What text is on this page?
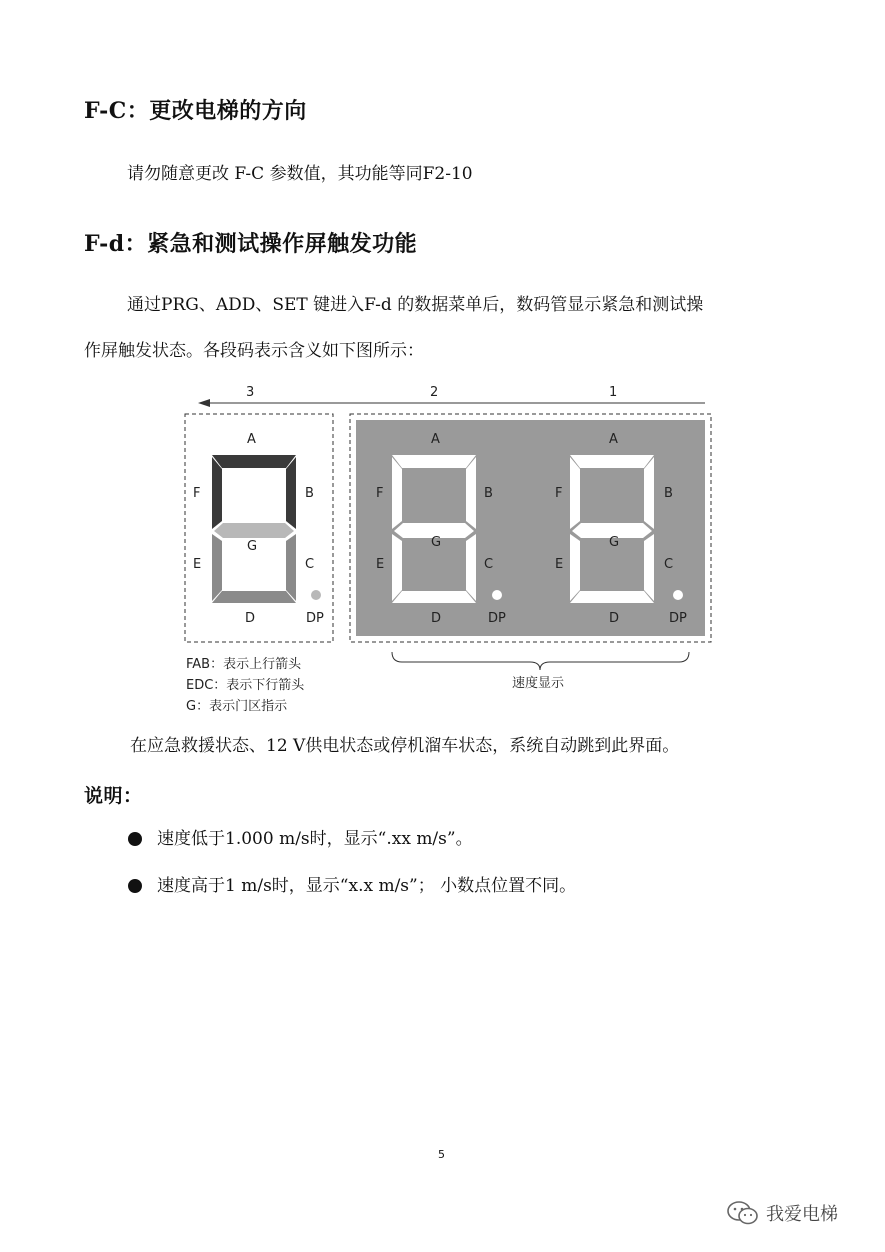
F-C：更改电梯的方向
请勿随意更改 F-C 参数值，其功能等同F2-10
F-d：紧急和测试操作屏触发功能
通过PRG、ADD、SET 键进入F-d 的数据菜单后，数码管显示紧急和测试操
作屏触发状态。各段码表示含义如下图所示：
3	2	1
A
F	B
G
E	C
D	DP
A
F	B
G
E	C
D	DP
A
F	B
G
E	C
D	DP
速度显示
FAB：表示上行箭头
EDC：表示下行箭头
G：表示门区指示
在应急救援状态、12 V供电状态或停机溜车状态，系统自动跳到此界面。
说明：
速度低于1.000 m/s时，显示“.xx m/s”。
速度高于1 m/s时，显示“x.x m/s”； 小数点位置不同。
5
我爱电梯
